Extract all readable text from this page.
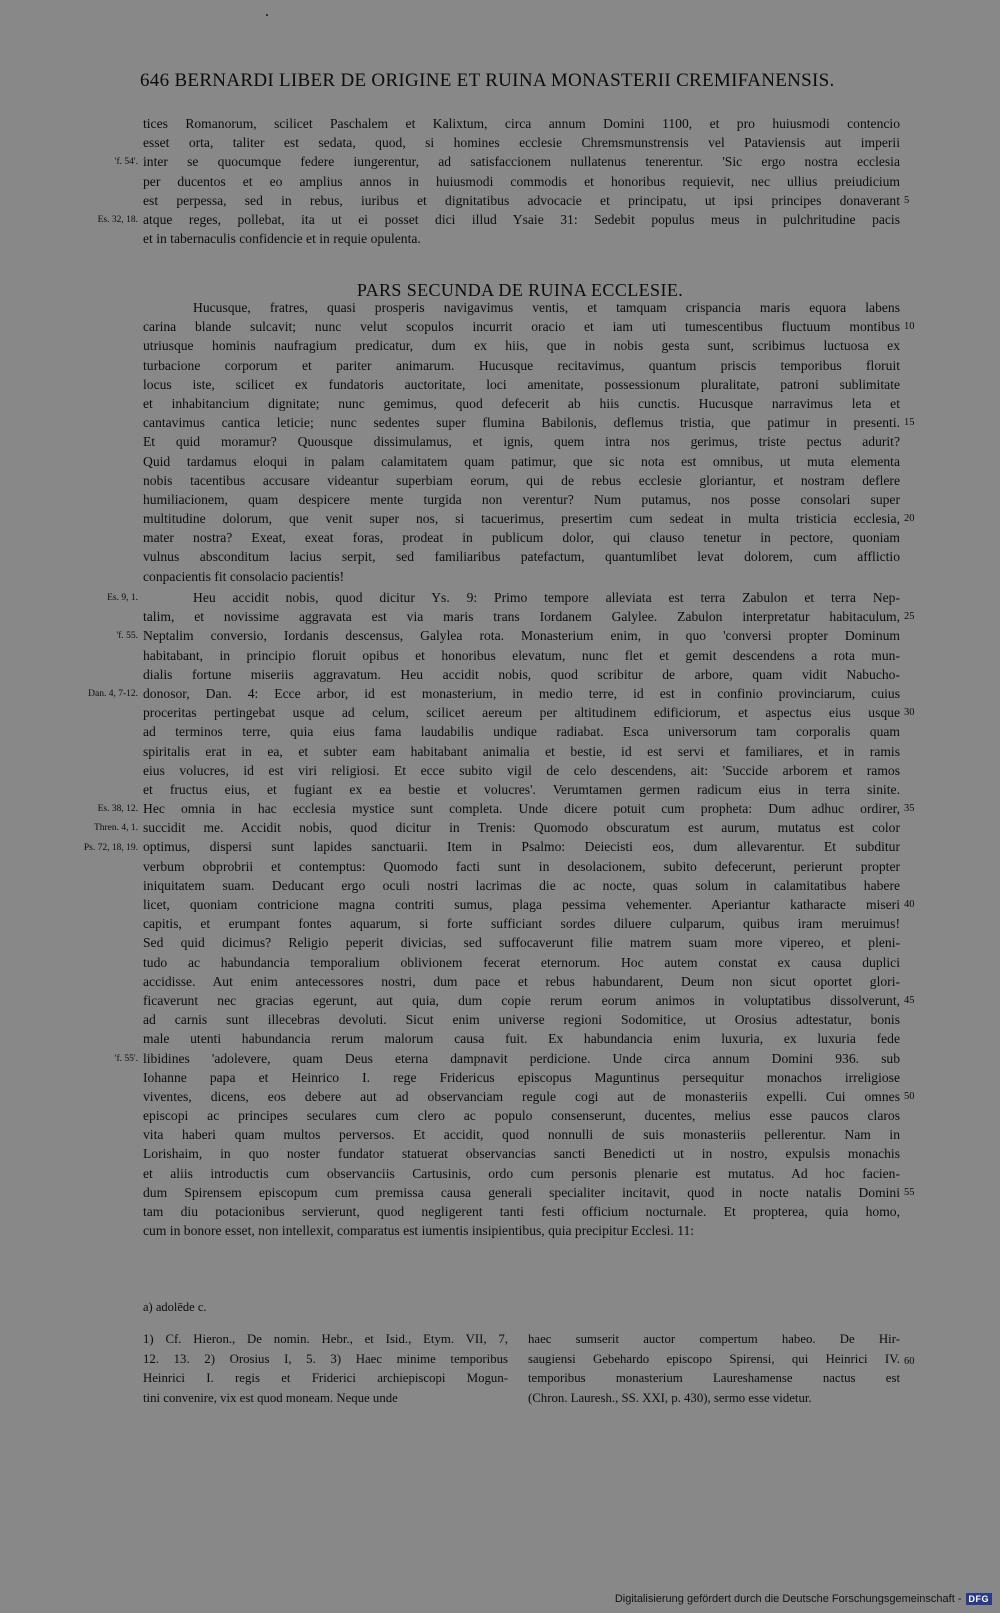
646 BERNARDI LIBER DE ORIGINE ET RUINA MONASTERII CREMIFANENSIS.
tices Romanorum, scilicet Paschalem et Kalixtum, circa annum Domini 1100, et pro huiusmodi contencio
esset orta, taliter est sedata, quod, si homines ecclesie Chremsmunstrensis vel Pataviensis aut imperii
inter se quocumque federe iungerentur, ad satisfaccionem nullatenus tenerentur. 'Sic ergo nostra ecclesia
per ducentos et eo amplius annos in huiusmodi commodis et honoribus requievit, nec ullius preiudicium
est perpessa, sed in rebus, iuribus et dignitatibus advocacie et principatu, ut ipsi principes donaverant
atque reges, pollebat, ita ut ei posset dici illud Ysaie 31: Sedebit populus meus in pulchritudine pacis
et in tabernaculis confidencie et in requie opulenta.
PARS SECUNDA DE RUINA ECCLESIE.
Hucusque, fratres, quasi prosperis navigavimus ventis, et tamquam crispancia maris equora labens
carina blande sulcavit; nunc velut scopulos incurrit oracio et iam uti tumescentibus fluctuum montibus
utriusque hominis naufragium predicatur, dum ex hiis, que in nobis gesta sunt, scribimus luctuosa ex
turbacione corporum et pariter animarum. Hucusque recitavimus, quantum priscis temporibus floruit
locus iste, scilicet ex fundatoris auctoritate, loci amenitate, possessionum pluralitate, patroni sublimitate
et inhabitancium dignitate; nunc gemimus, quod defecerit ab hiis cunctis. Hucusque narravimus leta et
cantavimus cantica leticie; nunc sedentes super flumina Babilonis, deflemus tristia, que patimur in presenti.
Et quid moramur? Quousque dissimulamus, et ignis, quem intra nos gerimus, triste pectus adurit?
Quid tardamus eloqui in palam calamitatem quam patimur, que sic nota est omnibus, ut muta elementa
nobis tacentibus accusare videantur superbiam eorum, qui de rebus ecclesie gloriantur, et nostram deflere
humiliacionem, quam despicere mente turgida non verentur? Num putamus, nos posse consolari super
multitudine dolorum, que venit super nos, si tacuerimus, presertim cum sedeat in multa tristicia ecclesia,
mater nostra? Exeat, exeat foras, prodeat in publicum dolor, qui clauso tenetur in pectore, quoniam
vulnus absconditum lacius serpit, sed familiaribus patefactum, quantumlibet levat dolorem, cum afflictio
conpacientis fit consolacio pacientis!
Heu accidit nobis, quod dicitur Ys. 9: Primo tempore alleviata est terra Zabulon et terra Nep-
talim, et novissime aggravata est via maris trans Iordanem Galylee. Zabulon interpretatur habitaculum,
Neptalim conversio, Iordanis descensus, Galylea rota. Monasterium enim, in quo 'conversi propter Dominum
habitabant, in principio floruit opibus et honoribus elevatum, nunc flet et gemit descendens a rota mun-
dialis fortune miseriis aggravatum. Heu accidit nobis, quod scribitur de arbore, quam vidit Nabucho-
donosor, Dan. 4: Ecce arbor, id est monasterium, in medio terre, id est in confinio provinciarum, cuius
proceritas pertingebat usque ad celum, scilicet aereum per altitudinem edificiorum, et aspectus eius usque
ad terminos terre, quia eius fama laudabilis undique radiabat. Esca universorum tam corporalis quam
spiritalis erat in ea, et subter eam habitabant animalia et bestie, id est servi et familiares, et in ramis
eius volucres, id est viri religiosi. Et ecce subito vigil de celo descendens, ait: 'Succide arborem et ramos
et fructus eius, et fugiant ex ea bestie et volucres'. Verumtamen germen radicum eius in terra sinite.
Hec omnia in hac ecclesia mystice sunt completa. Unde dicere potuit cum propheta: Dum adhuc ordirer,
succidit me. Accidit nobis, quod dicitur in Trenis: Quomodo obscuratum est aurum, mutatus est color
optimus, dispersi sunt lapides sanctuarii. Item in Psalmo: Deiecisti eos, dum allevarentur. Et subditur
verbum obprobrii et contemptus: Quomodo facti sunt in desolacionem, subito defecerunt, perierunt propter
iniquitatem suam. Deducant ergo oculi nostri lacrimas die ac nocte, quas solum in calamitatibus habere
licet, quoniam contricione magna contriti sumus, plaga pessima vehementer. Aperiantur katharacte miseri
capitis, et erumpant fontes aquarum, si forte sufficiant sordes diluere culparum, quibus iram meruimus!
Sed quid dicimus? Religio peperit divicias, sed suffocaverunt filie matrem suam more vipereo, et pleni-
tudo ac habundancia temporalium oblivionem fecerat eternorum. Hoc autem constat ex causa duplici
accidisse. Aut enim antecessores nostri, dum pace et rebus habundarent, Deum non sicut oportet glori-
ficaverunt nec gracias egerunt, aut quia, dum copie rerum eorum animos in voluptatibus dissolverunt,
ad carnis sunt illecebras devoluti. Sicut enim universe regioni Sodomitice, ut Orosius adtestatur, bonis
male utenti habundancia rerum malorum causa fuit. Ex habundancia enim luxuria, ex luxuria fede
libidines 'adolevere, quam Deus eterna dampnavit perdicione. Unde circa annum Domini 936. sub
Iohanne papa et Heinrico I. rege Fridericus episcopus Maguntinus persequitur monachos irreligiose
viventes, dicens, eos debere aut ad observanciam regule cogi aut de monasteriis expelli. Cui omnes
episcopi ac principes seculares cum clero ac populo consenserunt, ducentes, melius esse paucos claros
vita haberi quam multos perversos. Et accidit, quod nonnulli de suis monasteriis pellerentur. Nam in
Lorishaim, in quo noster fundator statuerat observancias sancti Benedicti ut in nostro, expulsis monachis
et aliis introductis cum observanciis Cartusinis, ordo cum personis plenarie est mutatus. Ad hoc facien-
dum Spirensem episcopum cum premissa causa generali specialiter incitavit, quod in nocte natalis Domini
tam diu potacionibus servierunt, quod negligerent tanti festi officium nocturnale. Et propterea, quia homo,
cum in bonore esset, non intellexit, comparatus est iumentis insipientibus, quia precipitur Ecclesi. 11:
'f. 54'.
Es. 32, 18.
Es. 9, 1.
'f. 55.
Dan. 4, 7-12.
Es. 38, 12.
Thren. 4, 1.
Ps. 72, 18, 19.
'f. 55'.
5
10
15
20
25
30
35
40
45
50
55
a) adolēde c.
1) Cf. Hieron., De nomin. Hebr., et Isid., Etym. VII, 7,
12. 13. 2) Orosius I, 5. 3) Haec minime temporibus
Heinrici I. regis et Friderici archiepiscopi Mogun-
tini convenire, vix est quod moneam. Neque unde
haec sumserit auctor compertum habeo. De Hir-
saugiensi Gebehardo episcopo Spirensi, qui Heinrici IV.
temporibus monasterium Laureshamense nactus est
(Chron. Lauresh., SS. XXI, p. 430), sermo esse videtur.
60
Digitalisierung gefördert durch die Deutsche Forschungsgemeinschaft - DFG
